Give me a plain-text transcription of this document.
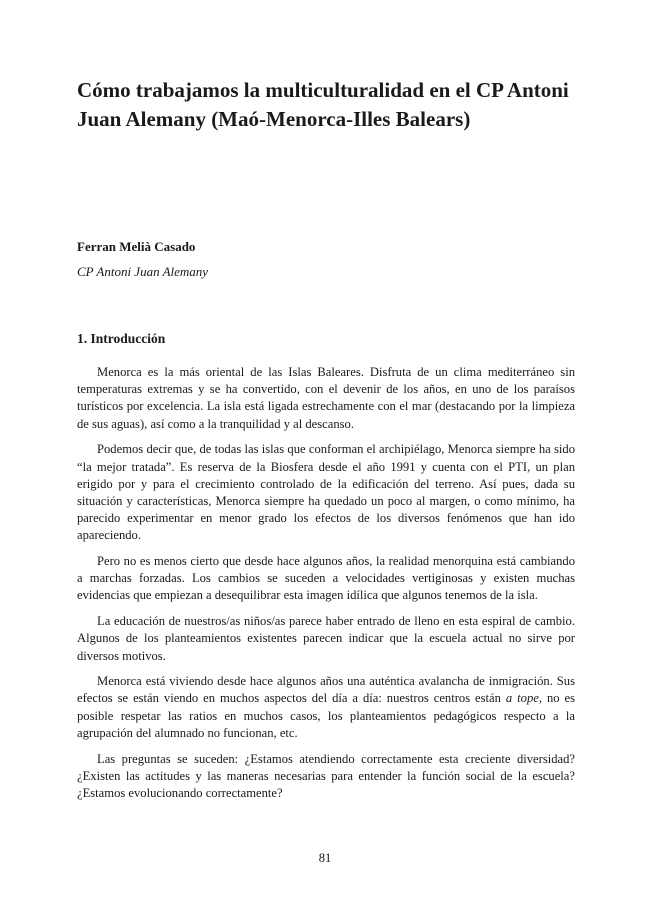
Cómo trabajamos la multiculturalidad en el CP Antoni Juan Alemany (Maó-Menorca-Illes Balears)
Ferran Melià Casado
CP Antoni Juan Alemany
1. Introducción

Menorca es la más oriental de las Islas Baleares. Disfruta de un clima mediterráneo sin temperaturas extremas y se ha convertido, con el devenir de los años, en uno de los paraísos turísticos por excelencia. La isla está ligada estrechamente con el mar (destacando por la limpieza de sus aguas), así como a la tranquilidad y al descanso.

Podemos decir que, de todas las islas que conforman el archipiélago, Menorca siempre ha sido “la mejor tratada”. Es reserva de la Biosfera desde el año 1991 y cuenta con el PTI, un plan erigido por y para el crecimiento controlado de la edificación del terreno. Así pues, dada su situación y características, Menorca siempre ha quedado un poco al margen, o como mínimo, ha parecido experimentar en menor grado los efectos de los diversos fenómenos que han ido apareciendo.

Pero no es menos cierto que desde hace algunos años, la realidad menorquina está cambiando a marchas forzadas. Los cambios se suceden a velocidades vertiginosas y existen muchas evidencias que empiezan a desequilibrar esta imagen idílica que algunos tenemos de la isla.

La educación de nuestros/as niños/as parece haber entrado de lleno en esta espiral de cambio. Algunos de los planteamientos existentes parecen indicar que la escuela actual no sirve por diversos motivos.

Menorca está viviendo desde hace algunos años una auténtica avalancha de inmigración. Sus efectos se están viendo en muchos aspectos del día a día: nuestros centros están a tope, no es posible respetar las ratios en muchos casos, los planteamientos pedagógicos respecto a la agrupación del alumnado no funcionan, etc.

Las preguntas se suceden: ¿Estamos atendiendo correctamente esta creciente diversidad? ¿Existen las actitudes y las maneras necesarias para entender la función social de la escuela? ¿Estamos evolucionando correctamente?

81
